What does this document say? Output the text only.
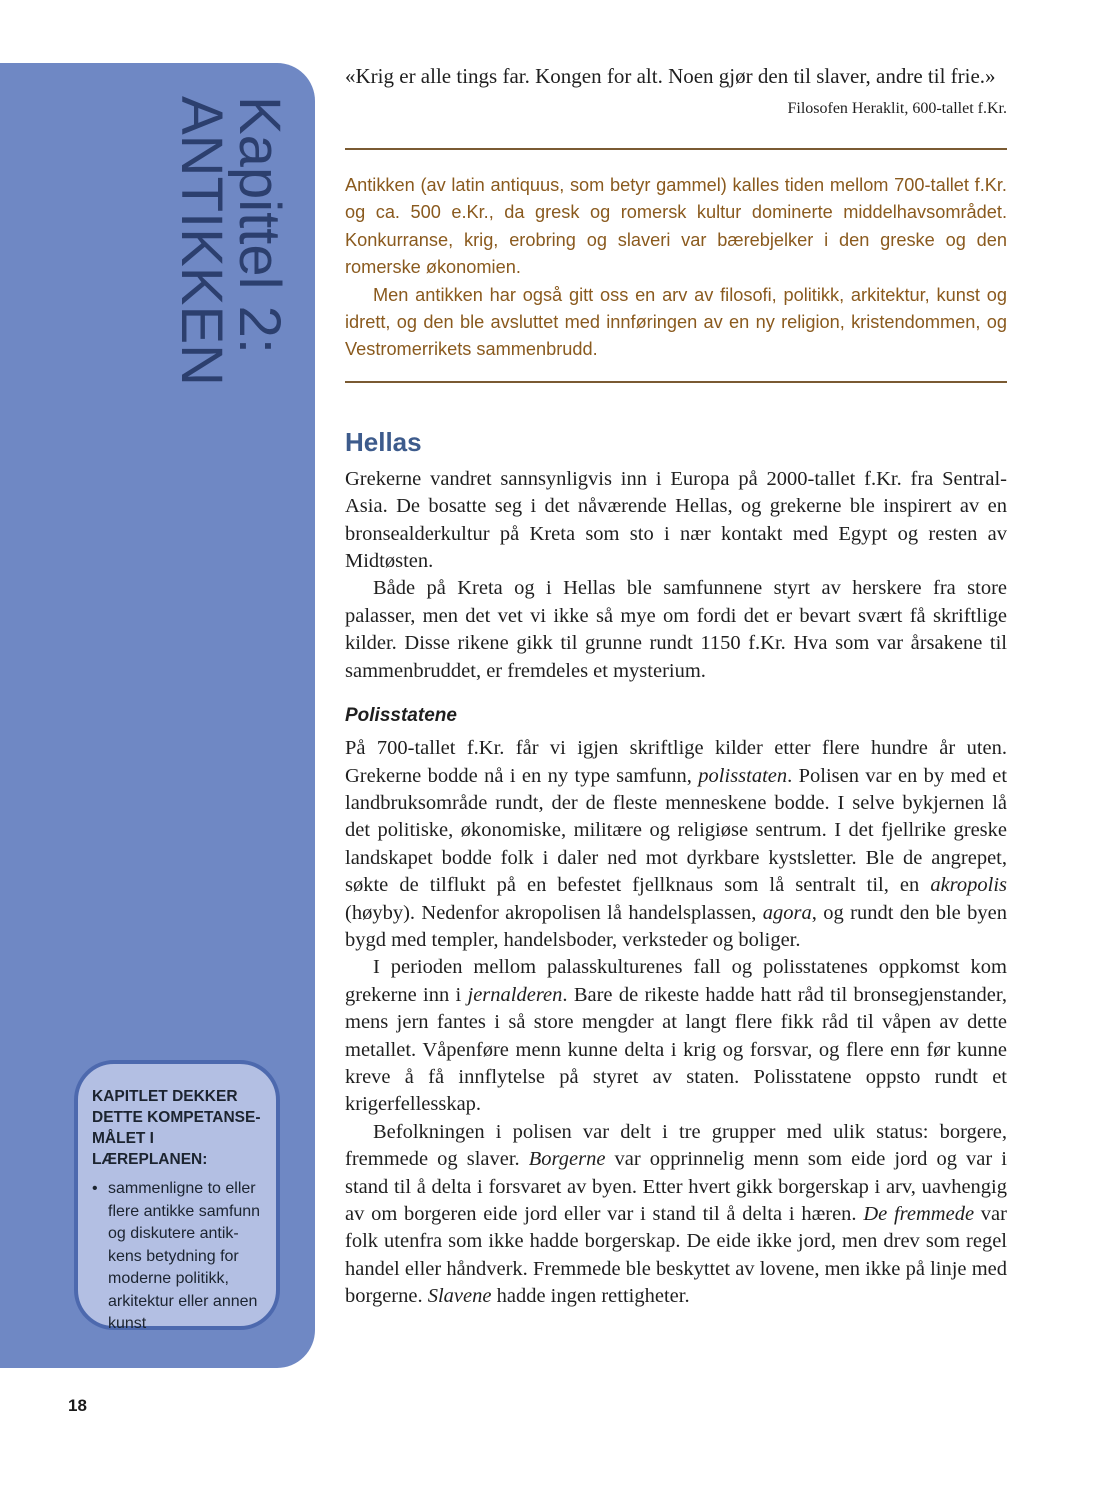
Kapittel 2:
ANTIKKEN
KAPITLET DEKKER
DETTE KOMPETANSE-
MÅLET I LÆREPLANEN:
• sammenligne to eller
flere antikke samfunn
og diskutere antik-
kens betydning for
moderne politikk,
arkitektur eller annen
kunst
18

«Krig er alle tings far. Kongen for alt. Noen gjør den til slaver, andre til frie.»

Filosofen Heraklit, 600-tallet f.Kr.

Antikken (av latin antiquus, som betyr gammel) kalles tiden mellom 700-tallet f.Kr. og ca. 500 e.Kr., da gresk og romersk kultur dominerte middelhavsområdet. Konkurranse, krig, erobring og slaveri var bærebjelker i den greske og den romerske økonomien.

Men antikken har også gitt oss en arv av filosofi, politikk, arkitektur, kunst og idrett, og den ble avsluttet med innføringen av en ny religion, kristendommen, og Vestromerrikets sammenbrudd.

Hellas

Grekerne vandret sannsynligvis inn i Europa på 2000-tallet f.Kr. fra Sentral-Asia. De bosatte seg i det nåværende Hellas, og grekerne ble inspirert av en bronsealderkultur på Kreta som sto i nær kontakt med Egypt og resten av Midtøsten.

Både på Kreta og i Hellas ble samfunnene styrt av herskere fra store palasser, men det vet vi ikke så mye om fordi det er bevart svært få skriftlige kilder. Disse rikene gikk til grunne rundt 1150 f.Kr. Hva som var årsakene til sammenbruddet, er fremdeles et mysterium.

Polisstatene

På 700-tallet f.Kr. får vi igjen skriftlige kilder etter flere hundre år uten. Grekerne bodde nå i en ny type samfunn, polisstaten. Polisen var en by med et landbruksområde rundt, der de fleste menneskene bodde. I selve bykjernen lå det politiske, økonomiske, militære og religiøse sentrum. I det fjellrike greske landskapet bodde folk i daler ned mot dyrkbare kystsletter. Ble de angrepet, søkte de tilflukt på en befestet fjellknaus som lå sentralt til, en akropolis (høyby). Nedenfor akropolisen lå handelsplassen, agora, og rundt den ble byen bygd med templer, handelsboder, verksteder og boliger.

I perioden mellom palasskulturenes fall og polisstatenes oppkomst kom grekerne inn i jernalderen. Bare de rikeste hadde hatt råd til bronsegjenstander, mens jern fantes i så store mengder at langt flere fikk råd til våpen av dette metallet. Våpenføre menn kunne delta i krig og forsvar, og flere enn før kunne kreve å få innflytelse på styret av staten. Polisstatene oppsto rundt et krigerfellesskap.

Befolkningen i polisen var delt i tre grupper med ulik status: borgere, fremmede og slaver. Borgerne var opprinnelig menn som eide jord og var i stand til å delta i forsvaret av byen. Etter hvert gikk borgerskap i arv, uavhengig av om borgeren eide jord eller var i stand til å delta i hæren. De fremmede var folk utenfra som ikke hadde borgerskap. De eide ikke jord, men drev som regel handel eller håndverk. Fremmede ble beskyttet av lovene, men ikke på linje med borgerne. Slavene hadde ingen rettigheter.
